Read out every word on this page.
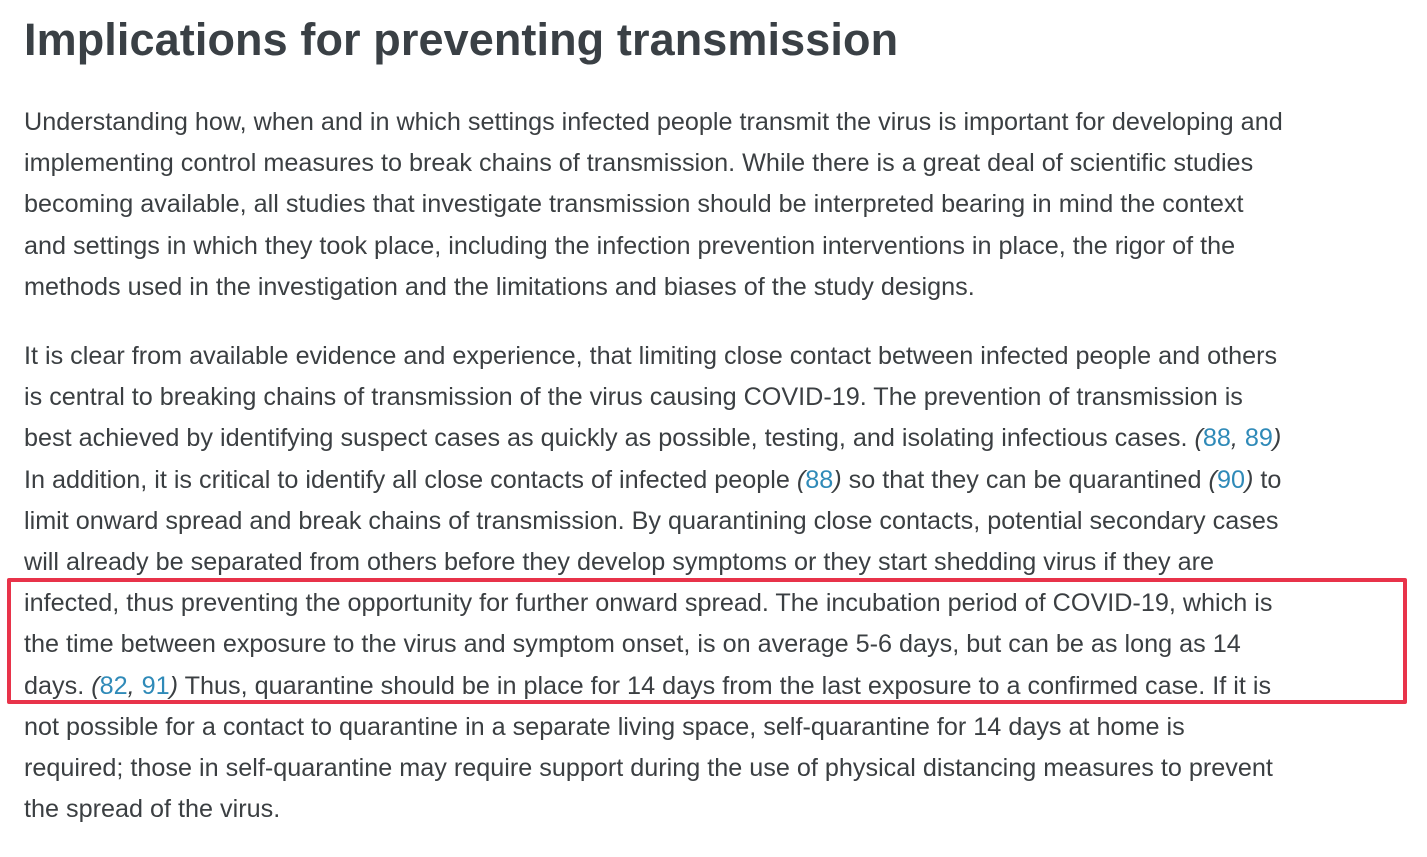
Implications for preventing transmission
Understanding how, when and in which settings infected people transmit the virus is important for developing and
implementing control measures to break chains of transmission. While there is a great deal of scientific studies
becoming available, all studies that investigate transmission should be interpreted bearing in mind the context
and settings in which they took place, including the infection prevention interventions in place, the rigor of the
methods used in the investigation and the limitations and biases of the study designs.
It is clear from available evidence and experience, that limiting close contact between infected people and others
is central to breaking chains of transmission of the virus causing COVID-19. The prevention of transmission is
best achieved by identifying suspect cases as quickly as possible, testing, and isolating infectious cases. (88, 89)
In addition, it is critical to identify all close contacts of infected people (88) so that they can be quarantined (90) to
limit onward spread and break chains of transmission. By quarantining close contacts, potential secondary cases
will already be separated from others before they develop symptoms or they start shedding virus if they are
infected, thus preventing the opportunity for further onward spread. The incubation period of COVID-19, which is
the time between exposure to the virus and symptom onset, is on average 5-6 days, but can be as long as 14
days. (82, 91) Thus, quarantine should be in place for 14 days from the last exposure to a confirmed case. If it is
not possible for a contact to quarantine in a separate living space, self-quarantine for 14 days at home is
required; those in self-quarantine may require support during the use of physical distancing measures to prevent
the spread of the virus.
